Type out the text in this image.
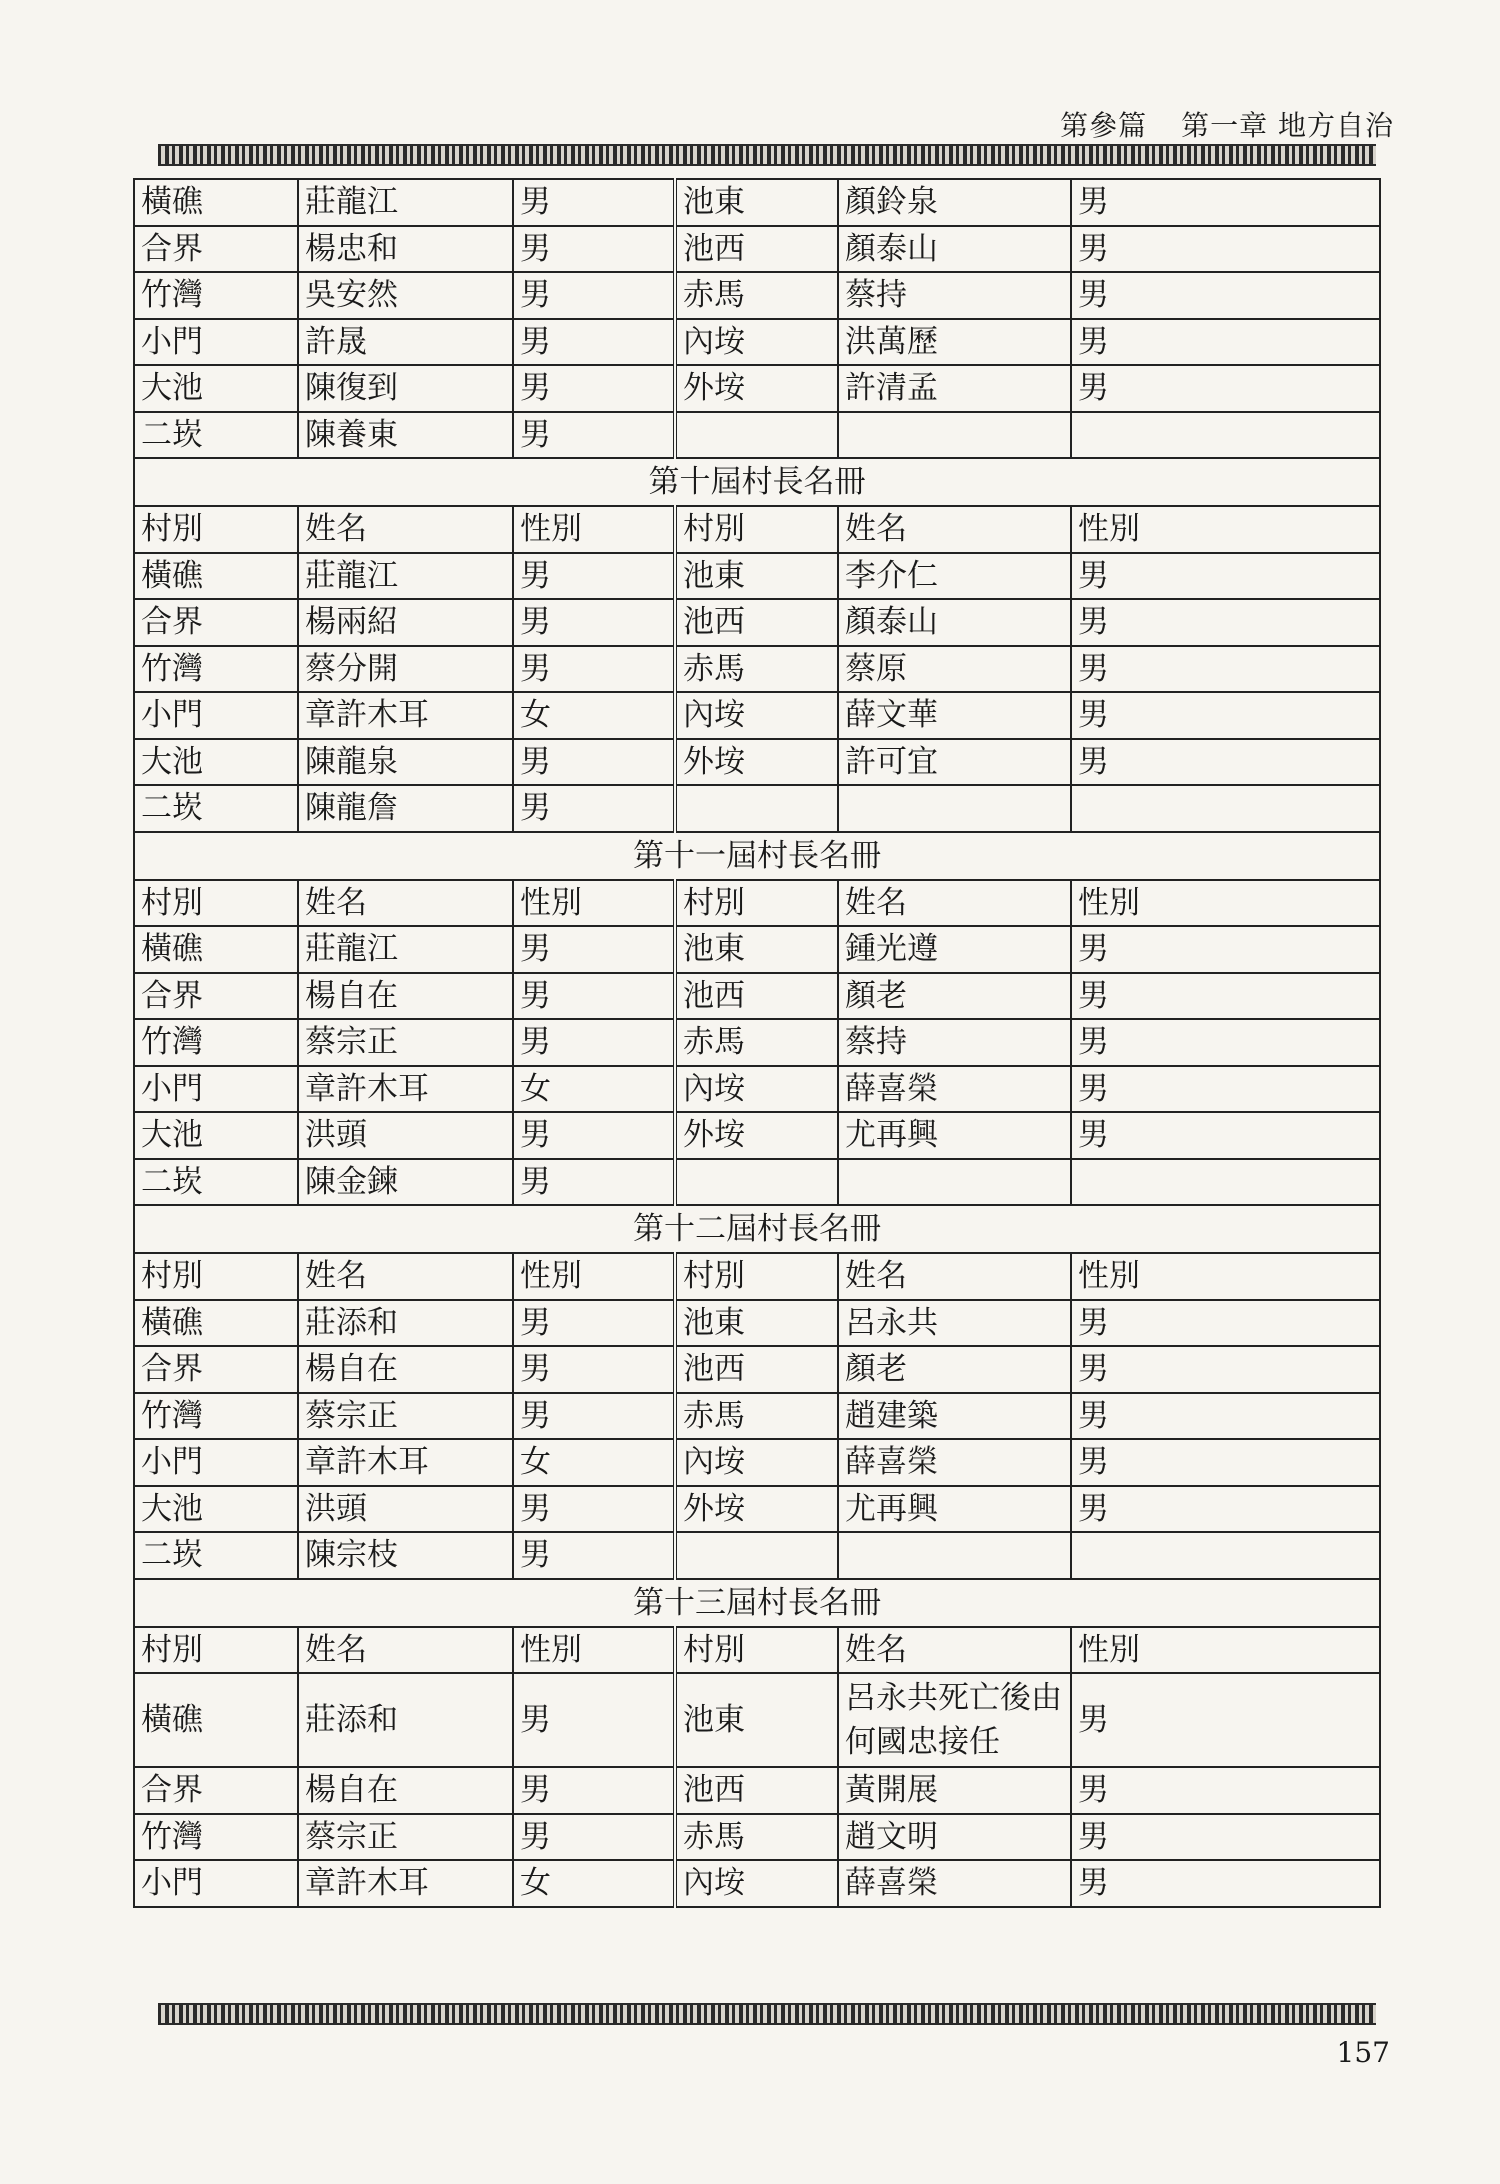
第參篇 第一章 地方自治
橫礁	莊龍江	男	池東	顏鈴泉	男
合界	楊忠和	男	池西	顏泰山	男
竹灣	吳安然	男	赤馬	蔡持	男
小門	許晟	男	內垵	洪萬歷	男
大池	陳復到	男	外垵	許清孟	男
二崁	陳養東	男			
第十屆村長名冊					
村別	姓名	性別	村別	姓名	性別
橫礁	莊龍江	男	池東	李介仁	男
合界	楊兩紹	男	池西	顏泰山	男
竹灣	蔡分開	男	赤馬	蔡原	男
小門	章許木耳	女	內垵	薛文華	男
大池	陳龍泉	男	外垵	許可宜	男
二崁	陳龍詹	男			
第十一屆村長名冊					
村別	姓名	性別	村別	姓名	性別
橫礁	莊龍江	男	池東	鍾光遵	男
合界	楊自在	男	池西	顏老	男
竹灣	蔡宗正	男	赤馬	蔡持	男
小門	章許木耳	女	內垵	薛喜榮	男
大池	洪頭	男	外垵	尤再興	男
二崁	陳金鍊	男			
第十二屆村長名冊					
村別	姓名	性別	村別	姓名	性別
橫礁	莊添和	男	池東	呂永共	男
合界	楊自在	男	池西	顏老	男
竹灣	蔡宗正	男	赤馬	趙建築	男
小門	章許木耳	女	內垵	薛喜榮	男
大池	洪頭	男	外垵	尤再興	男
二崁	陳宗枝	男			
第十三屆村長名冊					
村別	姓名	性別	村別	姓名	性別
橫礁	莊添和	男	池東	呂永共死亡後由何國忠接任	男
合界	楊自在	男	池西	黃開展	男
竹灣	蔡宗正	男	赤馬	趙文明	男
小門	章許木耳	女	內垵	薛喜榮	男
157
